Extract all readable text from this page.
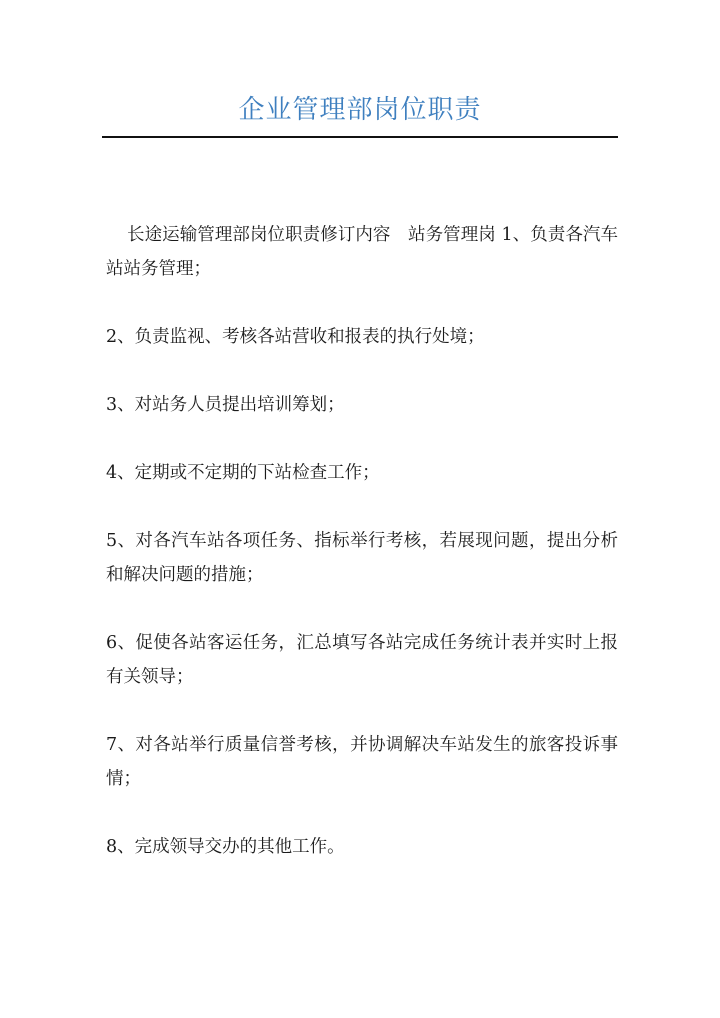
企业管理部岗位职责

长途运输管理部岗位职责修订内容　站务管理岗 1、负责各汽车站站务管理；

2、负责监视、考核各站营收和报表的执行处境；

3、对站务人员提出培训筹划；

4、定期或不定期的下站检查工作；

5、对各汽车站各项任务、指标举行考核，若展现问题，提出分析和解决问题的措施；

6、促使各站客运任务，汇总填写各站完成任务统计表并实时上报有关领导；

7、对各站举行质量信誉考核，并协调解决车站发生的旅客投诉事情；

8、完成领导交办的其他工作。
